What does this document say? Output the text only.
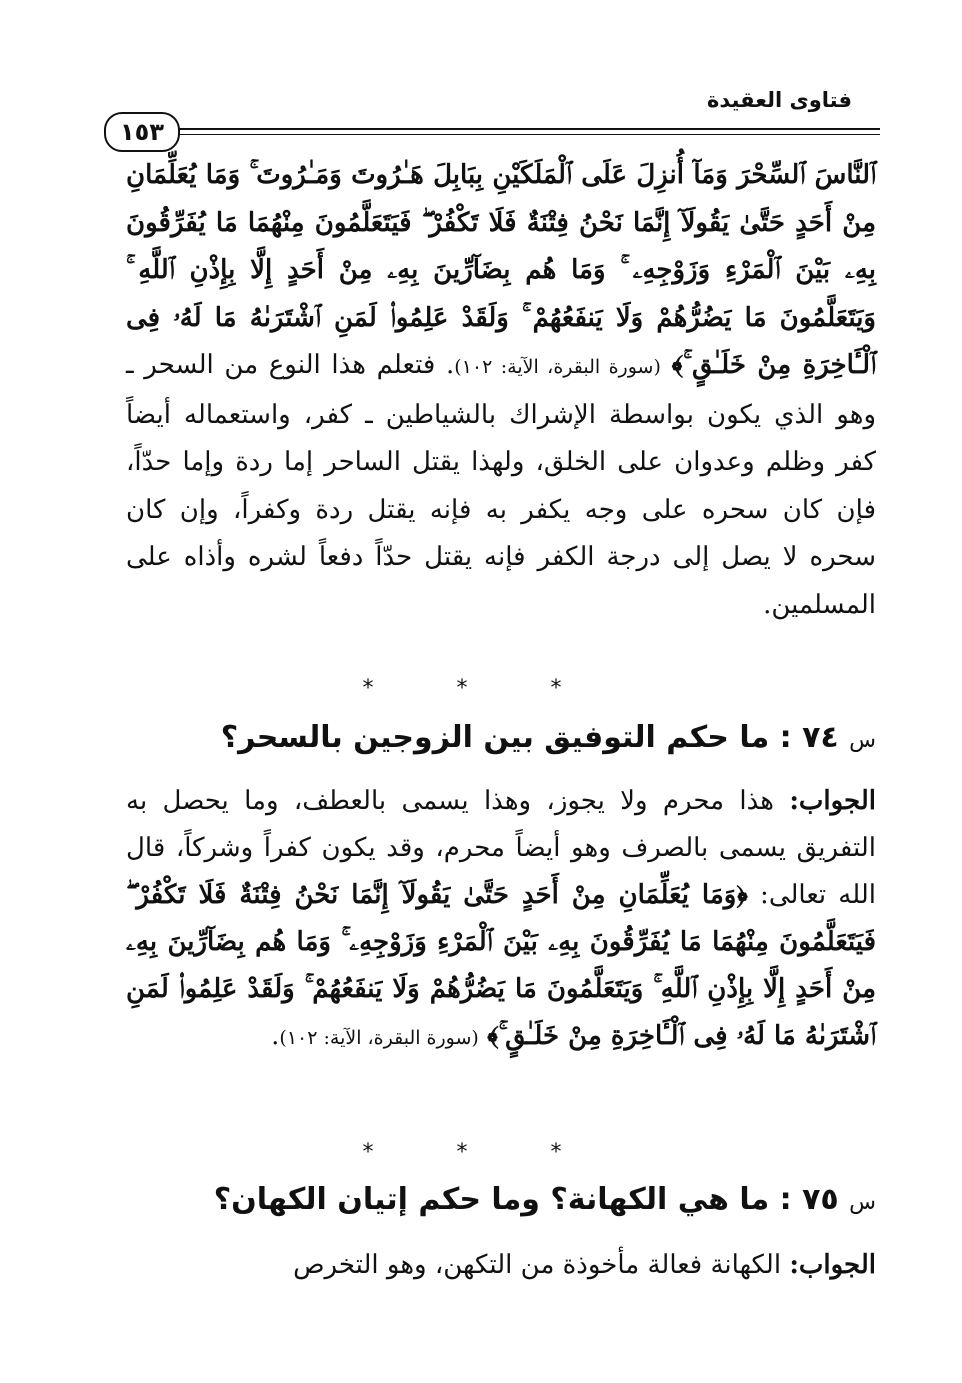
فتاوى العقيدة
١٥٣
ٱلنَّاسَ ٱلسِّحْرَ وَمَآ أُنزِلَ عَلَى ٱلْمَلَكَيْنِ بِبَابِلَ هَـٰرُوتَ وَمَـٰرُوتَ ۚ وَمَا يُعَلِّمَانِ مِنْ أَحَدٍ حَتَّىٰ يَقُولَآ إِنَّمَا نَحْنُ فِتْنَةٌ فَلَا تَكْفُرْ ۖ فَيَتَعَلَّمُونَ مِنْهُمَا مَا يُفَرِّقُونَ بِهِۦ بَيْنَ ٱلْمَرْءِ وَزَوْجِهِۦ ۚ وَمَا هُم بِضَآرِّينَ بِهِۦ مِنْ أَحَدٍ إِلَّا بِإِذْنِ ٱللَّهِ ۚ وَيَتَعَلَّمُونَ مَا يَضُرُّهُمْ وَلَا يَنفَعُهُمْ ۚ وَلَقَدْ عَلِمُوا۟ لَمَنِ ٱشْتَرَىٰهُ مَا لَهُۥ فِى ٱلْـَٔاخِرَةِ مِنْ خَلَـٰقٍ ۚ﴾ (سورة البقرة، الآية: ١٠٢). فتعلم هذا النوع من السحر ـ وهو الذي يكون بواسطة الإشراك بالشياطين ـ كفر، واستعماله أيضاً كفر وظلم وعدوان على الخلق، ولهذا يقتل الساحر إما ردة وإما حدّاً، فإن كان سحره على وجه يكفر به فإنه يقتل ردة وكفراً، وإن كان سحره لا يصل إلى درجة الكفر فإنه يقتل حدّاً دفعاً لشره وأذاه على المسلمين.
* * *
س ٧٤ : ما حكم التوفيق بين الزوجين بالسحر؟
الجواب: هذا محرم ولا يجوز، وهذا يسمى بالعطف، وما يحصل به التفريق يسمى بالصرف وهو أيضاً محرم، وقد يكون كفراً وشركاً، قال الله تعالى: ﴿وَمَا يُعَلِّمَانِ مِنْ أَحَدٍ حَتَّىٰ يَقُولَآ إِنَّمَا نَحْنُ فِتْنَةٌ فَلَا تَكْفُرْ ۖ فَيَتَعَلَّمُونَ مِنْهُمَا مَا يُفَرِّقُونَ بِهِۦ بَيْنَ ٱلْمَرْءِ وَزَوْجِهِۦ ۚ وَمَا هُم بِضَآرِّينَ بِهِۦ مِنْ أَحَدٍ إِلَّا بِإِذْنِ ٱللَّهِ ۚ وَيَتَعَلَّمُونَ مَا يَضُرُّهُمْ وَلَا يَنفَعُهُمْ ۚ وَلَقَدْ عَلِمُوا۟ لَمَنِ ٱشْتَرَىٰهُ مَا لَهُۥ فِى ٱلْـَٔاخِرَةِ مِنْ خَلَـٰقٍ ۚ﴾ (سورة البقرة، الآية: ١٠٢).
* * *
س ٧٥ : ما هي الكهانة؟ وما حكم إتيان الكهان؟
الجواب: الكهانة فعالة مأخوذة من التكهن، وهو التخرص
